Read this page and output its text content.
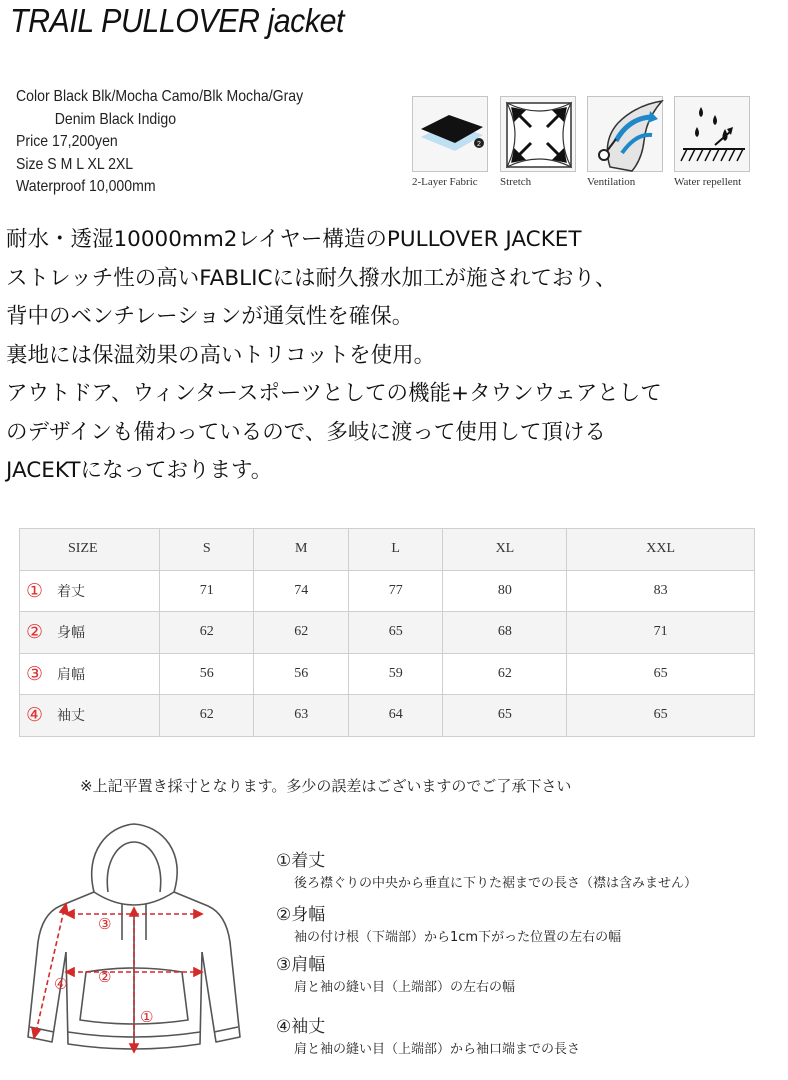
TRAIL PULLOVER jacket
Color Black Blk/Mocha Camo/Blk Mocha/Gray
Denim Black Indigo
Price 17,200yen
Size S M L XL 2XL
Waterproof 10,000mm
2
2-Layer Fabric	Stretch	Ventilation	Water repellent
耐水・透湿10000mm2レイヤー構造のPULLOVER JACKET
ストレッチ性の高いFABLICには耐久撥水加工が施されており、
背中のベンチレーションが通気性を確保。
裏地には保温効果の高いトリコットを使用。
アウトドア、ウィンタースポーツとしての機能+タウンウェアとして
のデザインも備わっているので、多岐に渡って使用して頂ける
JACEKTになっております。
SIZE	S	M	L	XL	XXL
① 着丈	71	74	77	80	83
② 身幅	62	62	65	68	71
③ 肩幅	56	56	59	62	65
④ 袖丈	62	63	64	65	65
※上記平置き採寸となります。多少の誤差はございますのでご了承下さい
③
②
①
④
①着丈
後ろ襟ぐりの中央から垂直に下りた裾までの長さ（襟は含みません）
②身幅
袖の付け根（下端部）から1cm下がった位置の左右の幅
③肩幅
肩と袖の縫い目（上端部）の左右の幅
④袖丈
肩と袖の縫い目（上端部）から袖口端までの長さ
